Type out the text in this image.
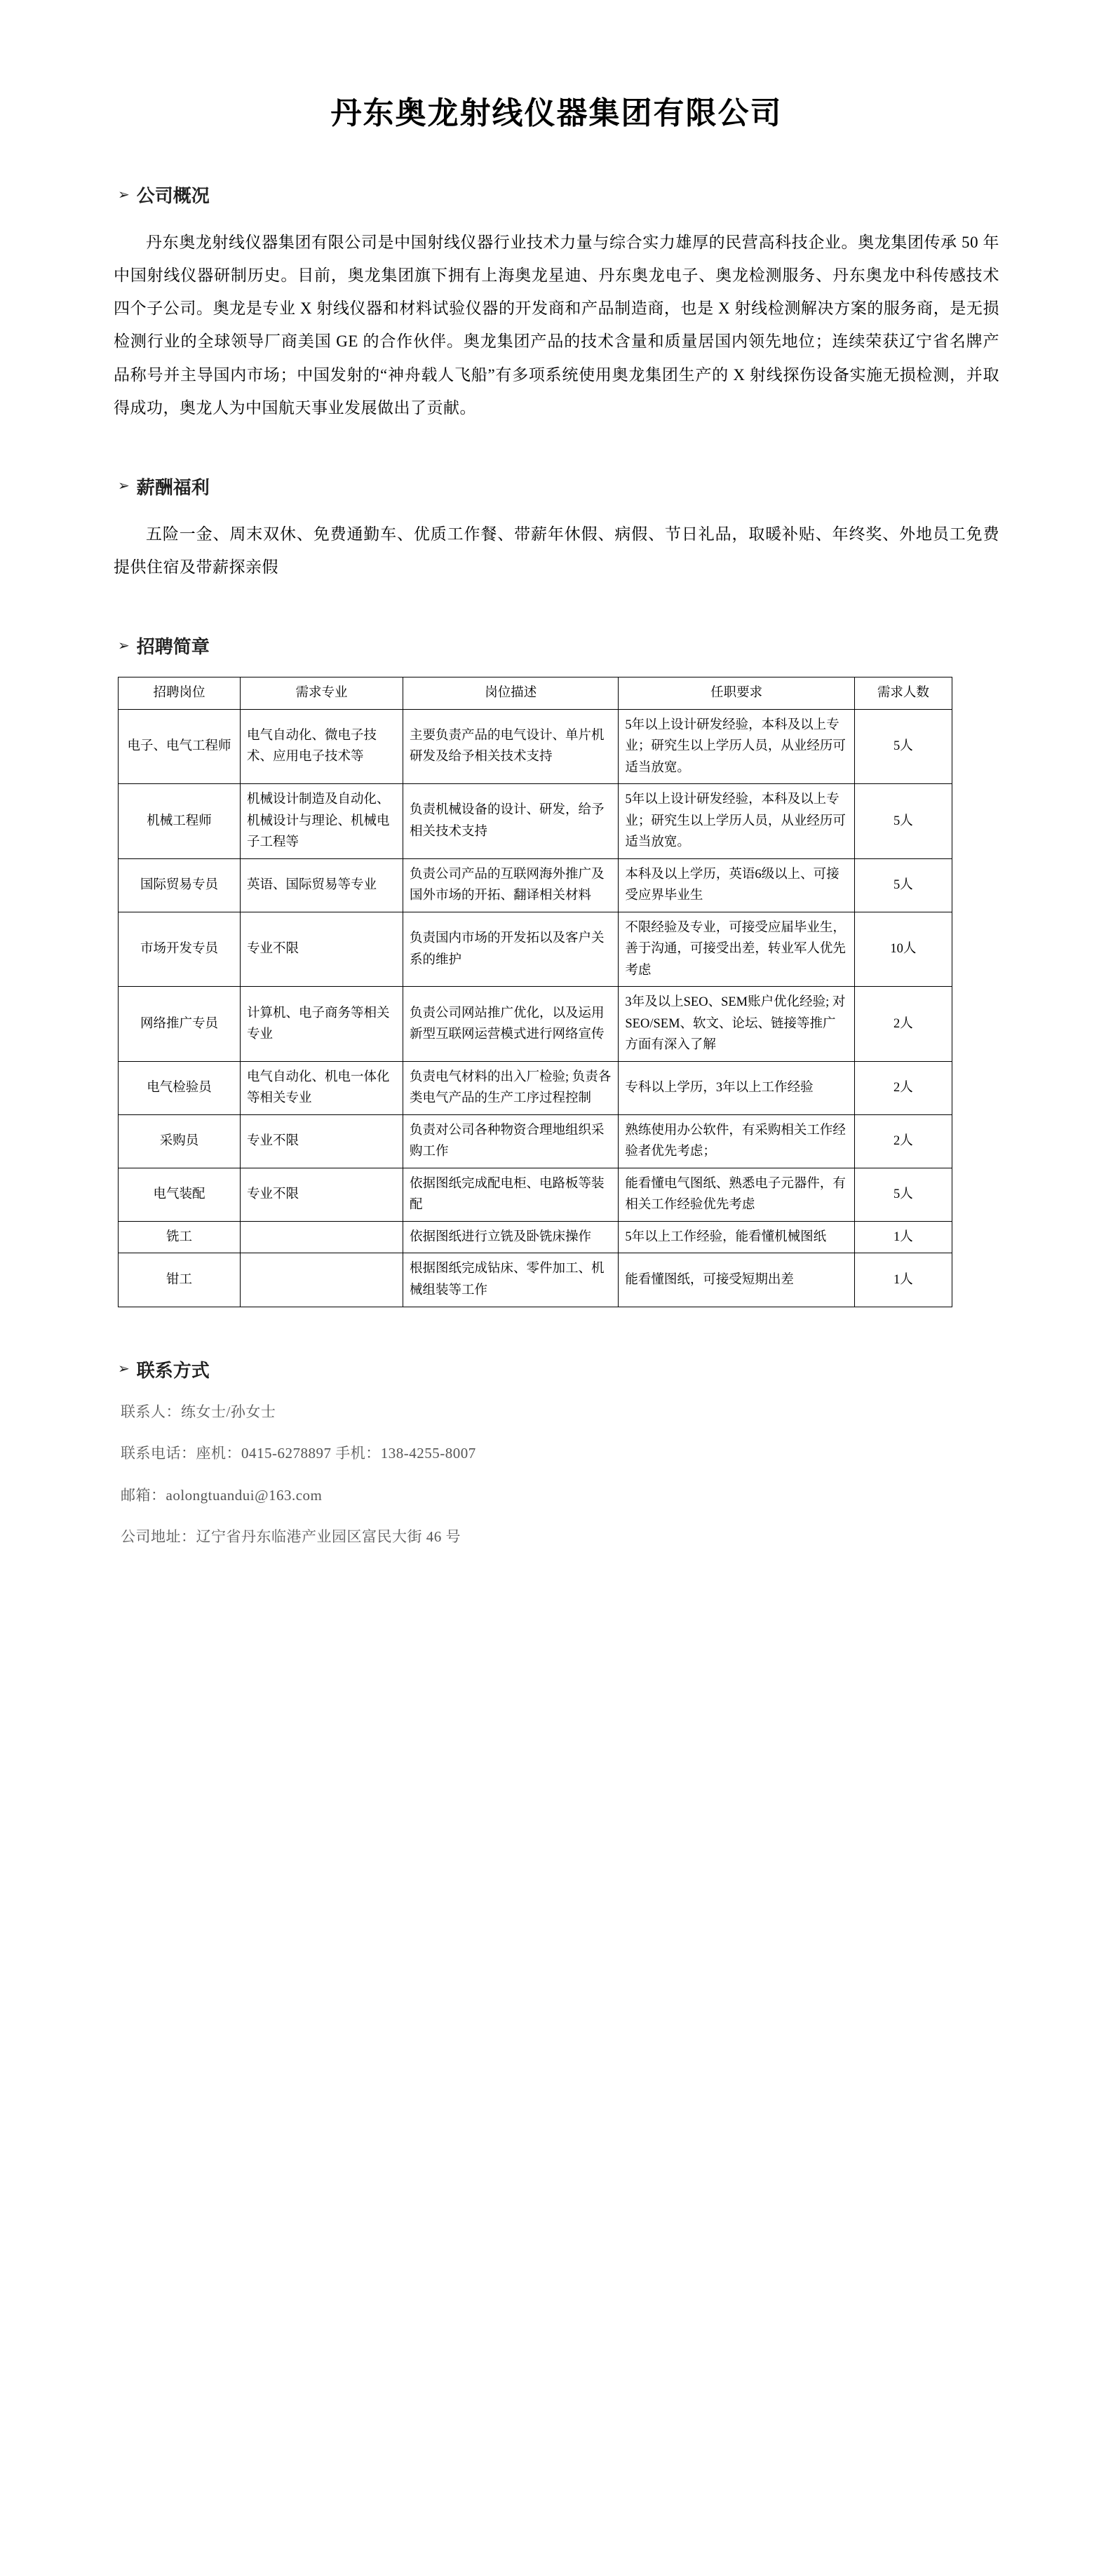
丹东奥龙射线仪器集团有限公司
➢ 公司概况

丹东奥龙射线仪器集团有限公司是中国射线仪器行业技术力量与综合实力雄厚的民营高科技企业。奥龙集团传承 50 年中国射线仪器研制历史。目前，奥龙集团旗下拥有上海奥龙星迪、丹东奥龙电子、奥龙检测服务、丹东奥龙中科传感技术四个子公司。奥龙是专业 X 射线仪器和材料试验仪器的开发商和产品制造商，也是 X 射线检测解决方案的服务商，是无损检测行业的全球领导厂商美国 GE 的合作伙伴。奥龙集团产品的技术含量和质量居国内领先地位；连续荣获辽宁省名牌产品称号并主导国内市场；中国发射的“神舟载人飞船”有多项系统使用奥龙集团生产的 X 射线探伤设备实施无损检测，并取得成功，奥龙人为中国航天事业发展做出了贡献。

➢ 薪酬福利

五险一金、周末双休、免费通勤车、优质工作餐、带薪年休假、病假、节日礼品，取暖补贴、年终奖、外地员工免费提供住宿及带薪探亲假

➢ 招聘简章
招聘岗位	需求专业	岗位描述	任职要求	需求人数
电子、电气工程师	电气自动化、微电子技术、应用电子技术等	主要负责产品的电气设计、单片机研发及给予相关技术支持	5年以上设计研发经验，本科及以上专业；研究生以上学历人员，从业经历可适当放宽。	5人
机械工程师	机械设计制造及自动化、机械设计与理论、机械电子工程等	负责机械设备的设计、研发，给予相关技术支持	5年以上设计研发经验，本科及以上专业；研究生以上学历人员，从业经历可适当放宽。	5人
国际贸易专员	英语、国际贸易等专业	负责公司产品的互联网海外推广及国外市场的开拓、翻译相关材料	本科及以上学历，英语6级以上、可接受应界毕业生	5人
市场开发专员	专业不限	负责国内市场的开发拓以及客户关系的维护	不限经验及专业，可接受应届毕业生，善于沟通，可接受出差，转业军人优先考虑	10人
网络推广专员	计算机、电子商务等相关专业	负责公司网站推广优化，以及运用新型互联网运营模式进行网络宣传	3年及以上SEO、SEM账户优化经验; 对 SEO/SEM、软文、论坛、链接等推广方面有深入了解	2人
电气检验员	电气自动化、机电一体化等相关专业	负责电气材料的出入厂检验; 负责各类电气产品的生产工序过程控制	专科以上学历，3年以上工作经验	2人
采购员	专业不限	负责对公司各种物资合理地组织采购工作	熟练使用办公软件，有采购相关工作经验者优先考虑；	2人
电气装配	专业不限	依据图纸完成配电柜、电路板等装配	能看懂电气图纸、熟悉电子元器件，有相关工作经验优先考虑	5人
铣工		依据图纸进行立铣及卧铣床操作	5年以上工作经验，能看懂机械图纸	1人
钳工		根据图纸完成钻床、零件加工、机械组装等工作	能看懂图纸，可接受短期出差	1人
➢ 联系方式
联系人：练女士/孙女士
联系电话：座机：0415-6278897 手机：138-4255-8007
邮箱：aolongtuandui@163.com
公司地址：辽宁省丹东临港产业园区富民大街 46 号
